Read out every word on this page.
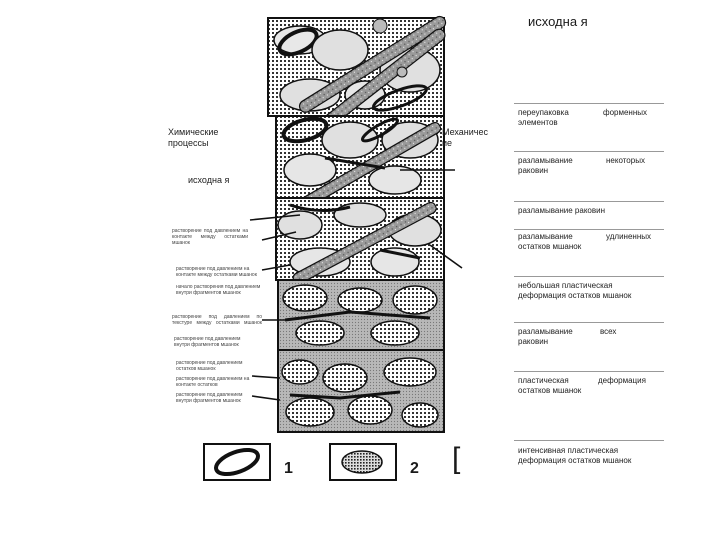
исходна я
Химические процессы
Механичес ие
исходна я
растворение под давлением на контакте между остатками мшанок
растворение под давлением на контакте между остатками мшанок
начало растворения под давлением внутри фрагментов мшанок
растворение под давлением по текстуре между остатками мшанок
растворение под давлением внутри фрагментов мшанок
растворение под давлением остатков мшанок
растворение под давлением на контакте остатков
растворение под давлением внутри фрагментов мшанок
переупаковка элементов
форменных
разламывание раковин
некоторых
разламывание раковин
разламывание остатков мшанок
удлиненных
небольшая пластическая деформация остатков мшанок
разламывание раковин
всех
пластическая остатков мшанок
деформация
интенсивная пластическая деформация остатков мшанок
1	2 [
